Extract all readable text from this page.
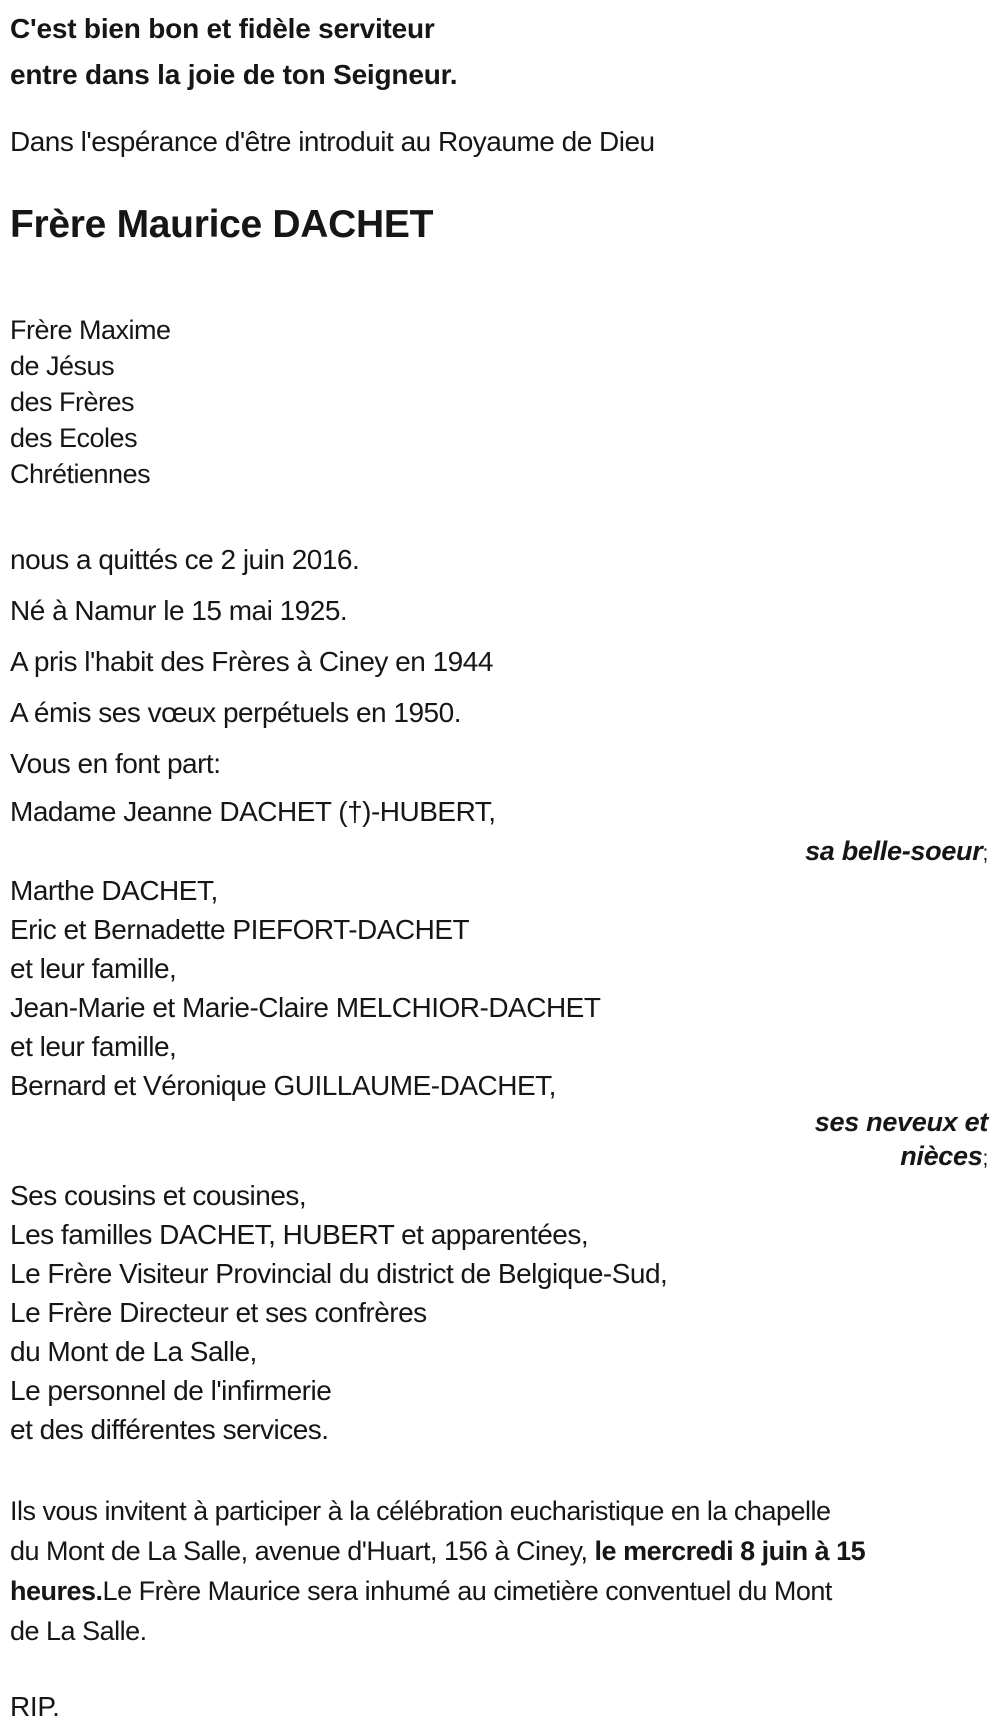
C'est bien bon et fidèle serviteur
entre dans la joie de ton Seigneur.
Dans l'espérance d'être introduit au Royaume de Dieu
Frère Maurice DACHET
Frère Maxime
de Jésus
des Frères
des Ecoles
Chrétiennes
nous a quittés ce 2 juin 2016.
Né à Namur le 15 mai 1925.
A pris l'habit des Frères à Ciney en 1944
A émis ses vœux perpétuels en 1950.
Vous en font part:
Madame Jeanne DACHET (†)-HUBERT,
sa belle-soeur;
Marthe DACHET,
Eric et Bernadette PIEFORT-DACHET
et leur famille,
Jean-Marie et Marie-Claire MELCHIOR-DACHET
et leur famille,
Bernard et Véronique GUILLAUME-DACHET,
ses neveux et
nièces;
Ses cousins et cousines,
Les familles DACHET, HUBERT et apparentées,
Le Frère Visiteur Provincial du district de Belgique-Sud,
Le Frère Directeur et ses confrères
du Mont de La Salle,
Le personnel de l'infirmerie
et des différentes services.
Ils vous invitent à participer à la célébration eucharistique en la chapelle
du Mont de La Salle, avenue d'Huart, 156 à Ciney, le mercredi 8 juin à 15
heures.Le Frère Maurice sera inhumé au cimetière conventuel du Mont
de La Salle.
RIP.
